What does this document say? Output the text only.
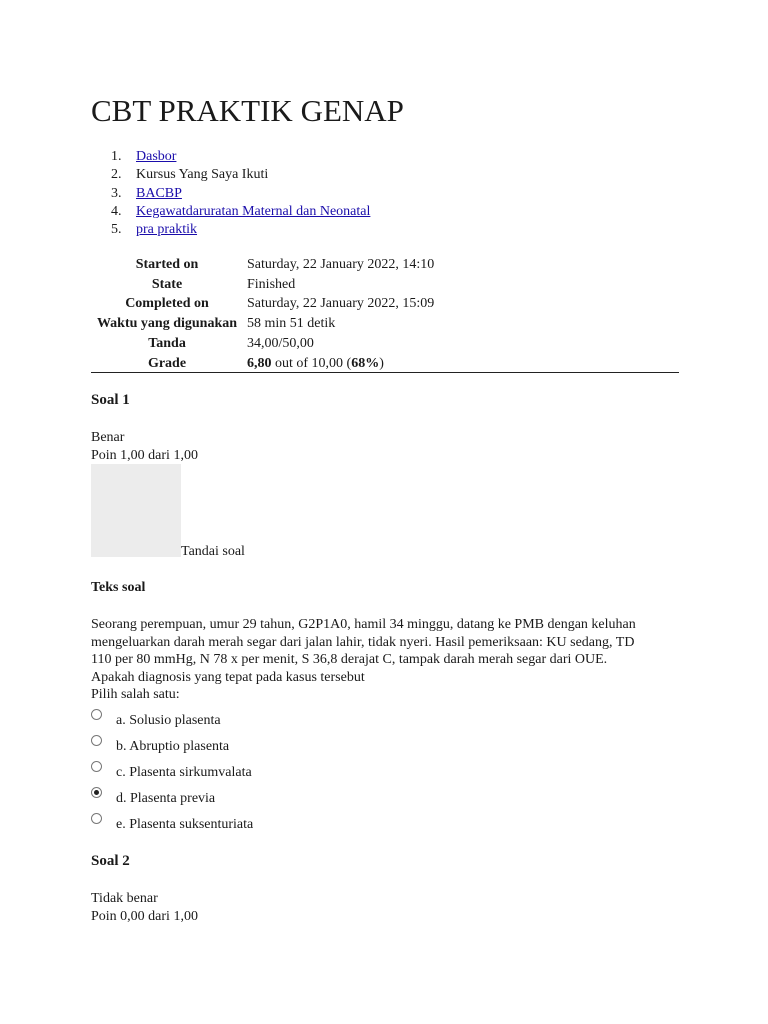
CBT PRAKTIK GENAP
1. Dasbor
2. Kursus Yang Saya Ikuti
3. BACBP
4. Kegawatdaruratan Maternal dan Neonatal
5. pra praktik
Started on	Saturday, 22 January 2022, 14:10
State	Finished
Completed on	Saturday, 22 January 2022, 15:09
Waktu yang digunakan	58 min 51 detik
Tanda	34,00/50,00
Grade	6,80 out of 10,00 (68%)
Soal 1
Benar
Poin 1,00 dari 1,00
Tandai soal
Teks soal
Seorang perempuan, umur 29 tahun, G2P1A0, hamil 34 minggu, datang ke PMB dengan keluhan
mengeluarkan darah merah segar dari jalan lahir, tidak nyeri. Hasil pemeriksaan: KU sedang, TD
110 per 80 mmHg, N 78 x per menit, S 36,8 derajat C, tampak darah merah segar dari OUE.
Apakah diagnosis yang tepat pada kasus tersebut
Pilih salah satu:
a. Solusio plasenta
b. Abruptio plasenta
c. Plasenta sirkumvalata
d. Plasenta previa
e. Plasenta suksenturiata
Soal 2
Tidak benar
Poin 0,00 dari 1,00
